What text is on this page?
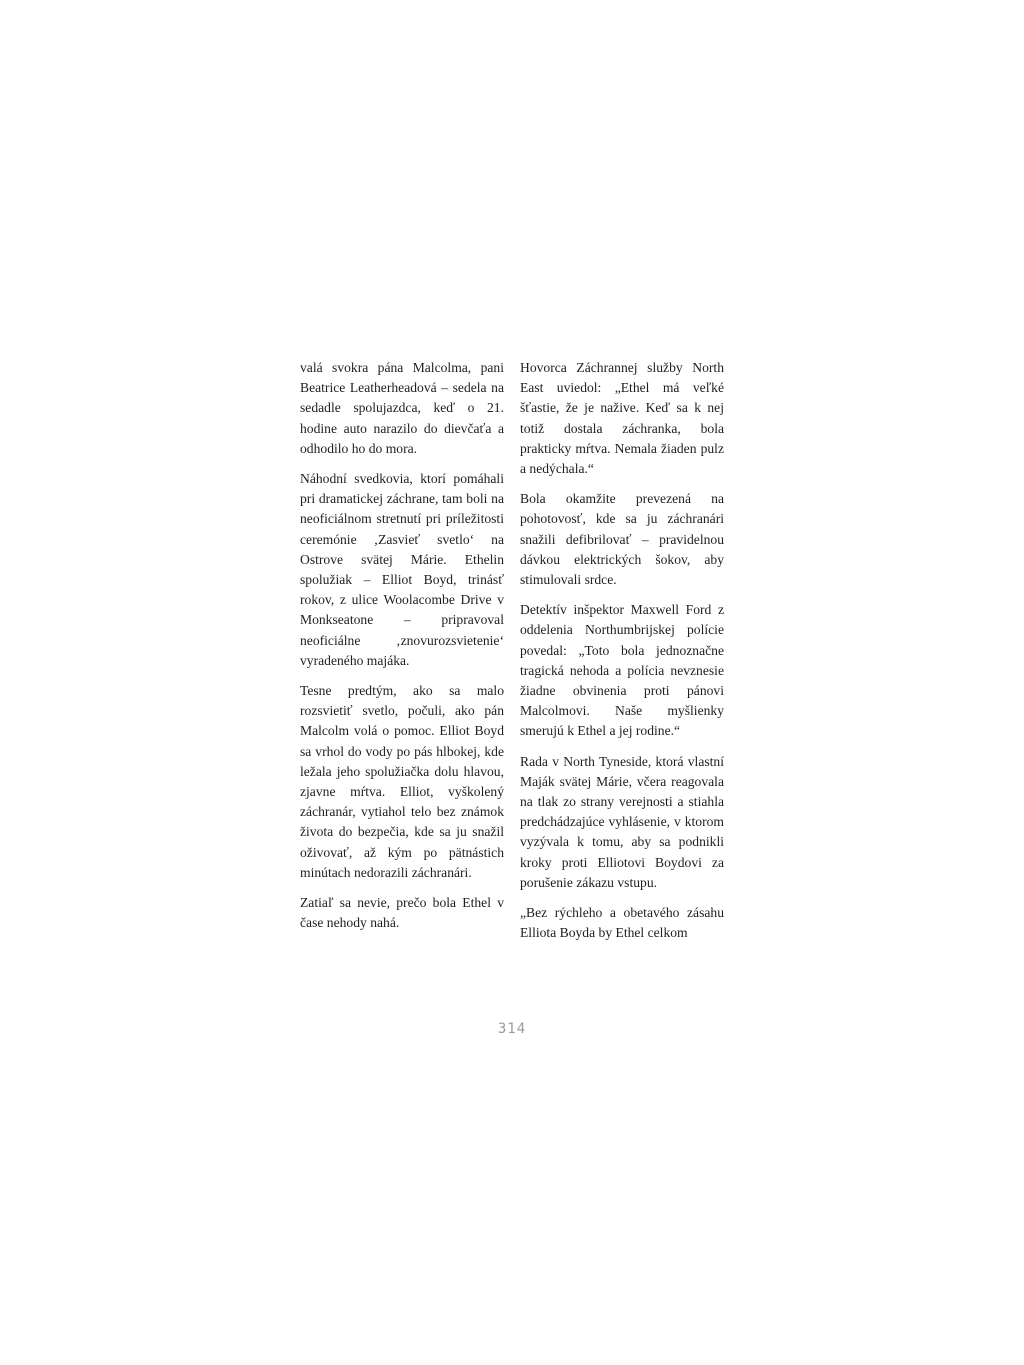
valá svokra pána Malcolma, pani Beatrice Leatherheadová – sedela na sedadle spolujazdca, keď o 21. hodine auto narazilo do dievčaťa a odhodilo ho do mora.

Náhodní svedkovia, ktorí pomáhali pri dramatickej záchrane, tam boli na neoficiálnom stretnutí pri príležitosti ceremónie ‚Zasvieť svetlo‘ na Ostrove svätej Márie. Ethelin spolužiak – Elliot Boyd, trinásť rokov, z ulice Woolacombe Drive v Monkseatone – pripravoval neoficiálne ‚znovurozsvietenie‘ vyradeného majáka.

Tesne predtým, ako sa malo rozsvietiť svetlo, počuli, ako pán Malcolm volá o pomoc. Elliot Boyd sa vrhol do vody po pás hlbokej, kde ležala jeho spolužiačka dolu hlavou, zjavne mŕtva. Elliot, vyškolený záchranár, vytiahol telo bez známok života do bezpečia, kde sa ju snažil oživovať, až kým po pätnástich minútach nedorazili záchranári.

Zatiaľ sa nevie, prečo bola Ethel v čase nehody nahá.

Hovorca Záchrannej služby North East uviedol: „Ethel má veľké šťastie, že je nažive. Keď sa k nej totiž dostala záchranka, bola prakticky mŕtva. Nemala žiaden pulz a nedýchala.“

Bola okamžite prevezená na pohotovosť, kde sa ju záchranári snažili defibrilovať – pravidelnou dávkou elektrických šokov, aby stimulovali srdce.

Detektív inšpektor Maxwell Ford z oddelenia Northumbrijskej polície povedal: „Toto bola jednoznačne tragická nehoda a polícia nevznesie žiadne obvinenia proti pánovi Malcolmovi. Naše myšlienky smerujú k Ethel a jej rodine.“

Rada v North Tyneside, ktorá vlastní Maják svätej Márie, včera reagovala na tlak zo strany verejnosti a stiahla predchádzajúce vyhlásenie, v ktorom vyzývala k tomu, aby sa podnikli kroky proti Elliotovi Boydovi za porušenie zákazu vstupu.

„Bez rýchleho a obetavého zásahu Elliota Boyda by Ethel celkom

314
